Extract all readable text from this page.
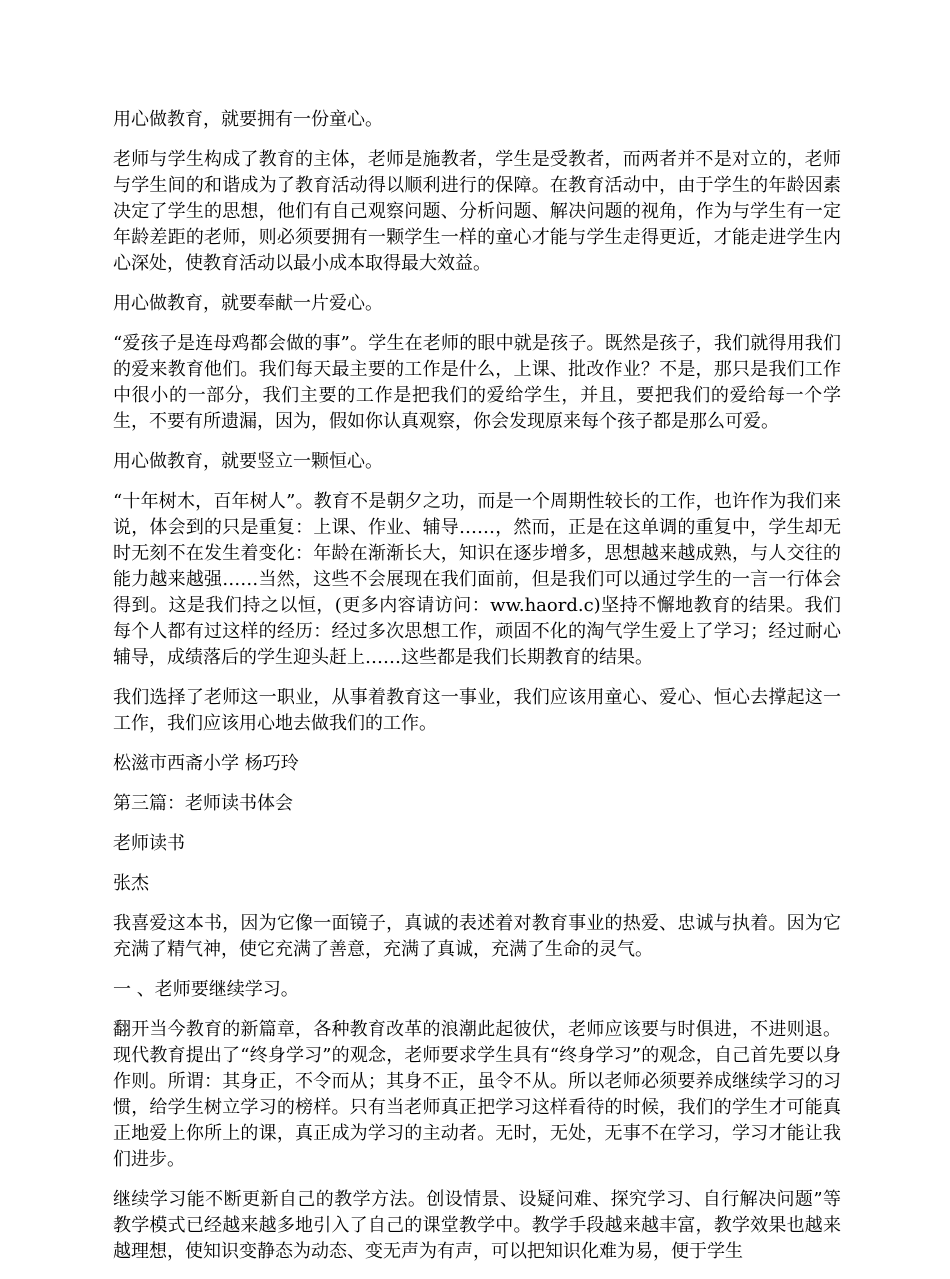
用心做教育，就要拥有一份童心。

老师与学生构成了教育的主体，老师是施教者，学生是受教者，而两者并不是对立的，老师与学生间的和谐成为了教育活动得以顺利进行的保障。在教育活动中，由于学生的年龄因素决定了学生的思想，他们有自己观察问题、分析问题、解决问题的视角，作为与学生有一定年龄差距的老师，则必须要拥有一颗学生一样的童心才能与学生走得更近，才能走进学生内心深处，使教育活动以最小成本取得最大效益。

用心做教育，就要奉献一片爱心。

“爱孩子是连母鸡都会做的事”。学生在老师的眼中就是孩子。既然是孩子，我们就得用我们的爱来教育他们。我们每天最主要的工作是什么，上课、批改作业？不是，那只是我们工作中很小的一部分，我们主要的工作是把我们的爱给学生，并且，要把我们的爱给每一个学生，不要有所遗漏，因为，假如你认真观察，你会发现原来每个孩子都是那么可爱。

用心做教育，就要竖立一颗恒心。

“十年树木，百年树人”。教育不是朝夕之功，而是一个周期性较长的工作，也许作为我们来说，体会到的只是重复：上课、作业、辅导……，然而，正是在这单调的重复中，学生却无时无刻不在发生着变化：年龄在渐渐长大，知识在逐步增多，思想越来越成熟，与人交往的能力越来越强……当然，这些不会展现在我们面前，但是我们可以通过学生的一言一行体会得到。这是我们持之以恒，(更多内容请访问：ww.haord.c)坚持不懈地教育的结果。我们每个人都有过这样的经历：经过多次思想工作，顽固不化的淘气学生爱上了学习；经过耐心辅导，成绩落后的学生迎头赶上……这些都是我们长期教育的结果。

我们选择了老师这一职业，从事着教育这一事业，我们应该用童心、爱心、恒心去撑起这一工作，我们应该用心地去做我们的工作。

松滋市西斋小学 杨巧玲

第三篇：老师读书体会

老师读书

张杰

我喜爱这本书，因为它像一面镜子，真诚的表述着对教育事业的热爱、忠诚与执着。因为它充满了精气神，使它充满了善意，充满了真诚，充满了生命的灵气。

一 、老师要继续学习。

翻开当今教育的新篇章，各种教育改革的浪潮此起彼伏，老师应该要与时俱进，不进则退。现代教育提出了“终身学习”的观念，老师要求学生具有“终身学习”的观念，自己首先要以身作则。所谓：其身正，不令而从；其身不正，虽令不从。所以老师必须要养成继续学习的习惯，给学生树立学习的榜样。只有当老师真正把学习这样看待的时候，我们的学生才可能真正地爱上你所上的课，真正成为学习的主动者。无时，无处，无事不在学习，学习才能让我们进步。

继续学习能不断更新自己的教学方法。创设情景、设疑问难、探究学习、自行解决问题”等教学模式已经越来越多地引入了自己的课堂教学中。教学手段越来越丰富，教学效果也越来越理想，使知识变静态为动态、变无声为有声，可以把知识化难为易，便于学生
